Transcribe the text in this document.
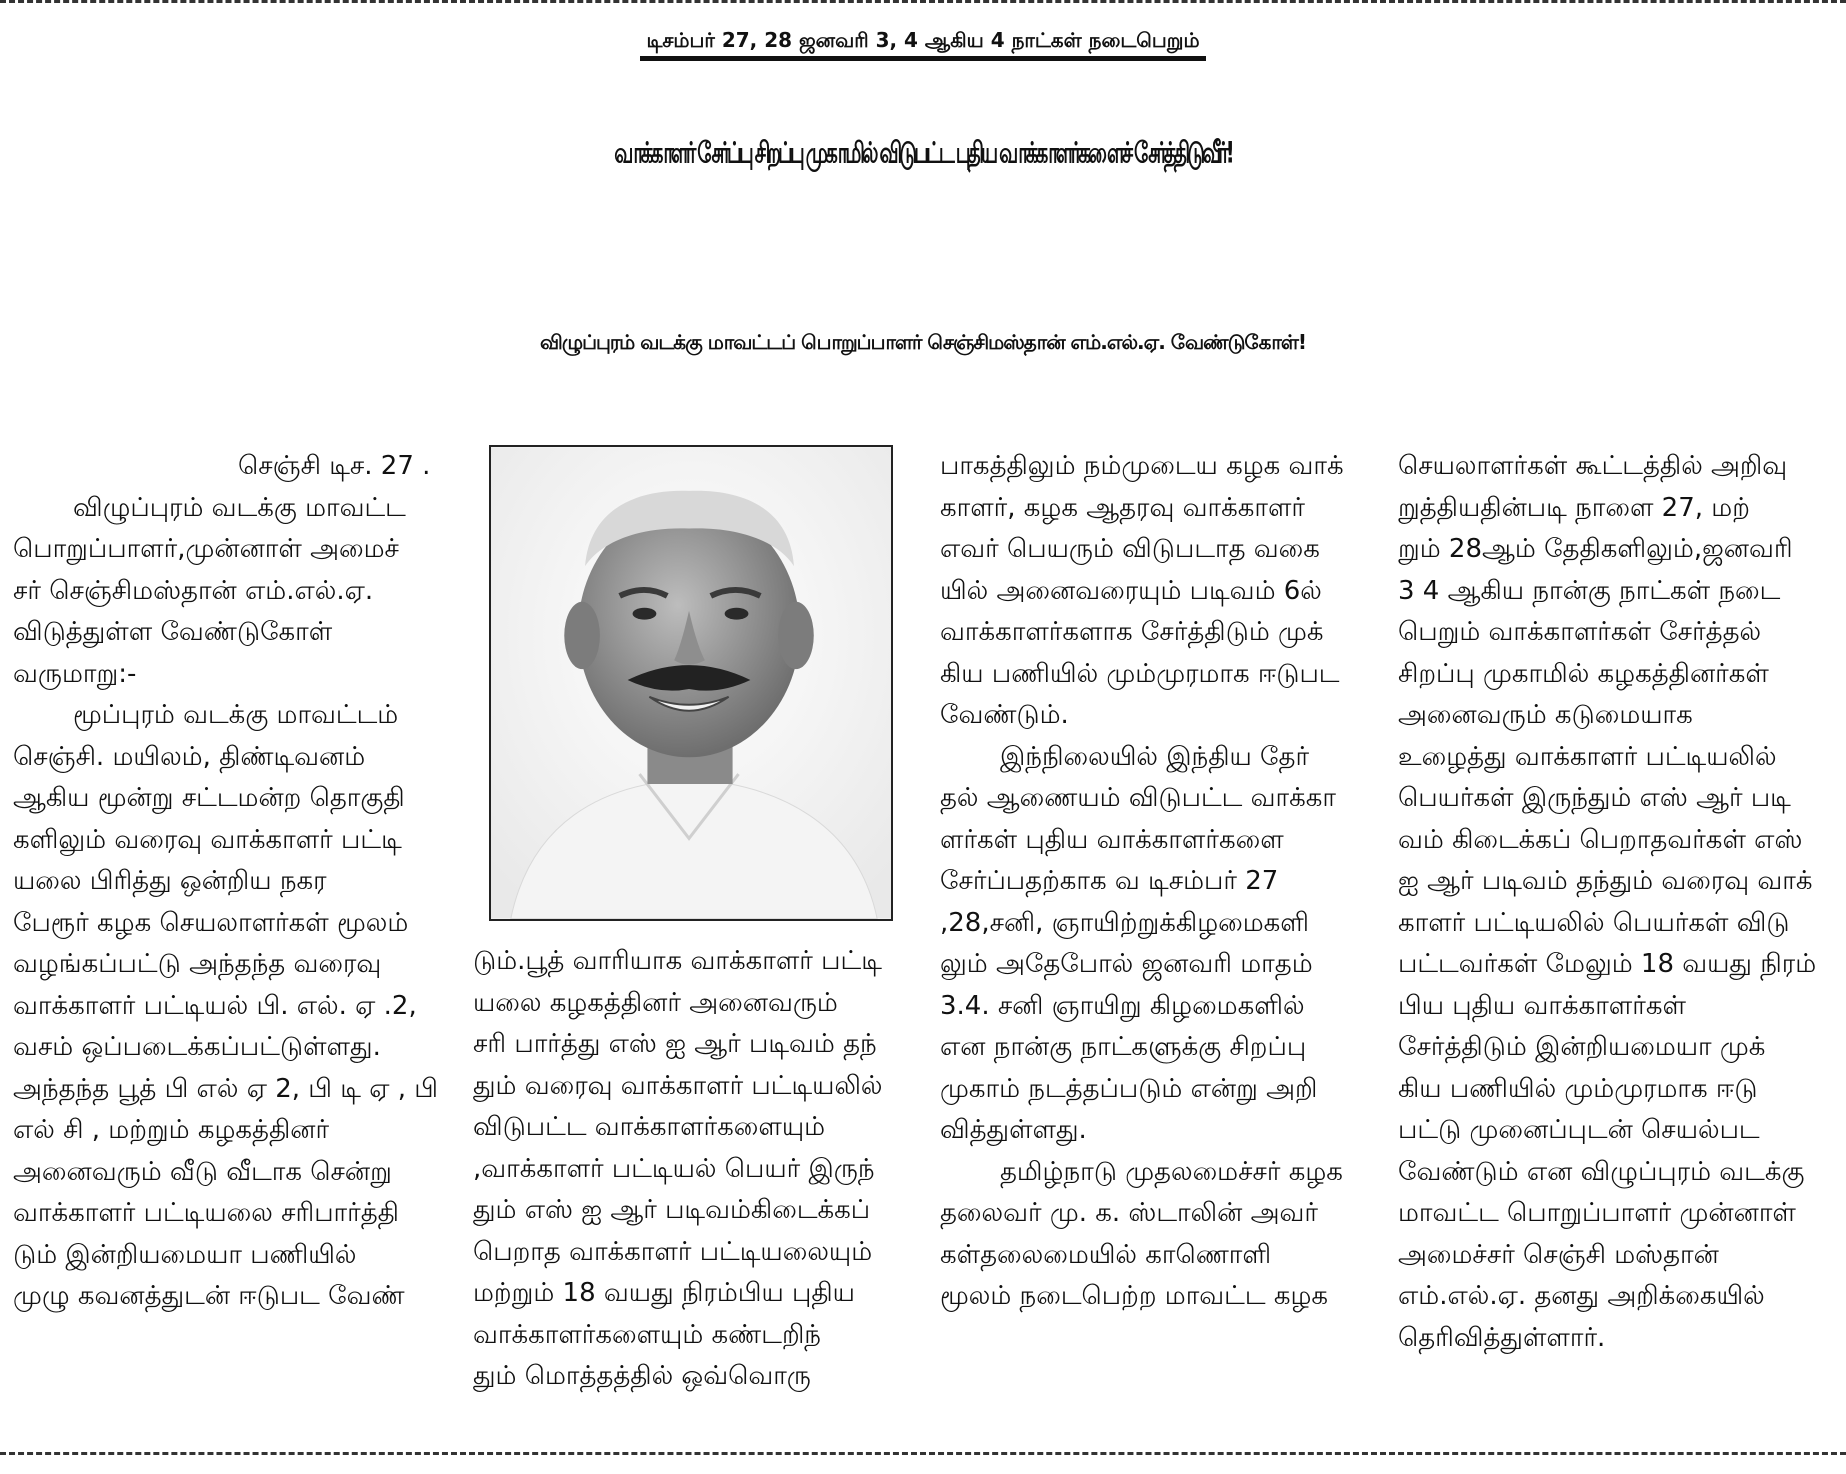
டிசம்பர் 27, 28 ஜனவரி 3, 4 ஆகிய 4 நாட்கள் நடைபெறும்
வாக்காளர் சேர்ப்பு சிறப்பு முகாமில் விடுபட்ட புதிய வாக்காளர்களைச் சேர்த்திடுவீர்!
விழுப்புரம் வடக்கு மாவட்டப் பொறுப்பாளர் செஞ்சிமஸ்தான் எம்.எல்.ஏ. வேண்டுகோள்!
செஞ்சி டிச. 27 .
விழுப்புரம் வடக்கு மாவட்ட
பொறுப்பாளர்,முன்னாள் அமைச்
சர் செஞ்சிமஸ்தான் எம்.எல்.ஏ.
விடுத்துள்ள வேண்டுகோள்
வருமாறு:-
மூப்புரம் வடக்கு மாவட்டம்
செஞ்சி. மயிலம், திண்டிவனம்
ஆகிய மூன்று சட்டமன்ற தொகுதி
களிலும் வரைவு வாக்காளர் பட்டி
யலை பிரித்து ஒன்றிய நகர
பேரூர் கழக செயலாளர்கள் மூலம்
வழங்கப்பட்டு அந்தந்த வரைவு
வாக்காளர் பட்டியல் பி. எல். ஏ .2,
வசம் ஒப்படைக்கப்பட்டுள்ளது.
அந்தந்த பூத் பி எல் ஏ 2, பி டி ஏ , பி
எல் சி , மற்றும் கழகத்தினர்
அனைவரும் வீடு வீடாக சென்று
வாக்காளர் பட்டியலை சரிபார்த்தி
டும் இன்றியமையா பணியில்
முழு கவனத்துடன் ஈடுபட வேண்
டும்.பூத் வாரியாக வாக்காளர் பட்டி
யலை கழகத்தினர் அனைவரும்
சரி பார்த்து எஸ் ஐ ஆர் படிவம் தந்
தும் வரைவு வாக்காளர் பட்டியலில்
விடுபட்ட வாக்காளர்களையும்
,வாக்காளர் பட்டியல் பெயர் இருந்
தும் எஸ் ஐ ஆர் படிவம்கிடைக்கப்
பெறாத வாக்காளர் பட்டியலையும்
மற்றும் 18 வயது நிரம்பிய புதிய
வாக்காளர்களையும் கண்டறிந்
தும் மொத்தத்தில் ஒவ்வொரு
பாகத்திலும் நம்முடைய கழக வாக்
காளர், கழக ஆதரவு வாக்காளர்
எவர் பெயரும் விடுபடாத வகை
யில் அனைவரையும் படிவம் 6ல்
வாக்காளர்களாக சேர்த்திடும் முக்
கிய பணியில் மும்முரமாக ஈடுபட
வேண்டும்.
இந்நிலையில் இந்திய தேர்
தல் ஆணையம் விடுபட்ட வாக்கா
ளர்கள் புதிய வாக்காளர்களை
சேர்ப்பதற்காக வ டிசம்பர் 27
,28,சனி, ஞாயிற்றுக்கிழமைகளி
லும் அதேபோல் ஜனவரி மாதம்
3.4. சனி ஞாயிறு கிழமைகளில்
என நான்கு நாட்களுக்கு சிறப்பு
முகாம் நடத்தப்படும் என்று அறி
வித்துள்ளது.
தமிழ்நாடு முதலமைச்சர் கழக
தலைவர் மு. க. ஸ்டாலின் அவர்
கள்தலைமையில் காணொளி
மூலம் நடைபெற்ற மாவட்ட கழக
செயலாளர்கள் கூட்டத்தில் அறிவு
றுத்தியதின்படி நாளை 27, மற்
றும் 28ஆம் தேதிகளிலும்,ஜனவரி
3 4 ஆகிய நான்கு நாட்கள் நடை
பெறும் வாக்காளர்கள் சேர்த்தல்
சிறப்பு முகாமில் கழகத்தினர்கள்
அனைவரும் கடுமையாக
உழைத்து வாக்காளர் பட்டியலில்
பெயர்கள் இருந்தும் எஸ் ஆர் படி
வம் கிடைக்கப் பெறாதவர்கள் எஸ்
ஐ ஆர் படிவம் தந்தும் வரைவு வாக்
காளர் பட்டியலில் பெயர்கள் விடு
பட்டவர்கள் மேலும் 18 வயது நிரம்
பிய புதிய வாக்காளர்கள்
சேர்த்திடும் இன்றியமையா முக்
கிய பணியில் மும்முரமாக ஈடு
பட்டு முனைப்புடன் செயல்பட
வேண்டும் என விழுப்புரம் வடக்கு
மாவட்ட பொறுப்பாளர் முன்னாள்
அமைச்சர் செஞ்சி மஸ்தான்
எம்.எல்.ஏ. தனது அறிக்கையில்
தெரிவித்துள்ளார்.
